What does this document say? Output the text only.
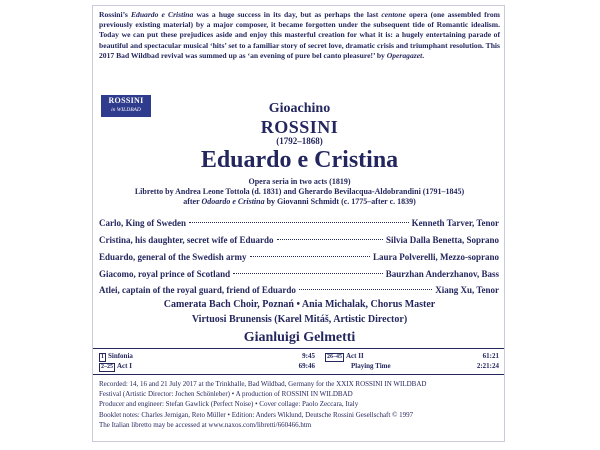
Rossini’s Eduardo e Cristina was a huge success in its day, but as perhaps the last centone opera (one assembled from previously existing material) by a major composer, it became forgotten under the subsequent tide of Romantic idealism. Today we can put these prejudices aside and enjoy this masterful creation for what it is: a hugely entertaining parade of beautiful and spectacular musical ‘hits’ set to a familiar story of secret love, dramatic crisis and triumphant resolution. This 2017 Bad Wildbad revival was summed up as ‘an evening of pure bel canto pleasure!’ by Operagazet.
ROSSINI
in WILDBAD	Gioachino
ROSSINI
(1792–1868)
Eduardo e Cristina
Opera seria in two acts (1819)
Libretto by Andrea Leone Tottola (d. 1831) and Gherardo Bevilacqua-Aldobrandini (1791–1845)
after Odoardo e Cristina by Giovanni Schmidt (c. 1775–after c. 1839)
Carlo, King of Sweden	Kenneth Tarver, Tenor
Cristina, his daughter, secret wife of Eduardo	Silvia Dalla Benetta, Soprano
Eduardo, general of the Swedish army	Laura Polverelli, Mezzo-soprano
Giacomo, royal prince of Scotland	Baurzhan Anderzhanov, Bass
Atlei, captain of the royal guard, friend of Eduardo	Xiang Xu, Tenor
Camerata Bach Choir, Poznań • Ania Michalak, Chorus Master
Virtuosi Brunensis (Karel Mitáš, Artistic Director)
Gianluigi Gelmetti
1 Sinfonia	9:45
2–25 Act I	69:46
26–45 Act II	61:21
Playing Time	2:21:24
Recorded: 14, 16 and 21 July 2017 at the Trinkhalle, Bad Wildbad, Germany for the XXIX ROSSINI IN WILDBAD
Festival (Artistic Director: Jochen Schönleber) • A production of ROSSINI IN WILDBAD
Producer and engineer: Stefan Gawlick (Perfect Noise) • Cover collage: Paolo Zeccara, Italy
Booklet notes: Charles Jernigan, Reto Müller • Edition: Anders Wiklund, Deutsche Rossini Gesellschaft © 1997
The Italian libretto may be accessed at www.naxos.com/libretti/660466.htm
